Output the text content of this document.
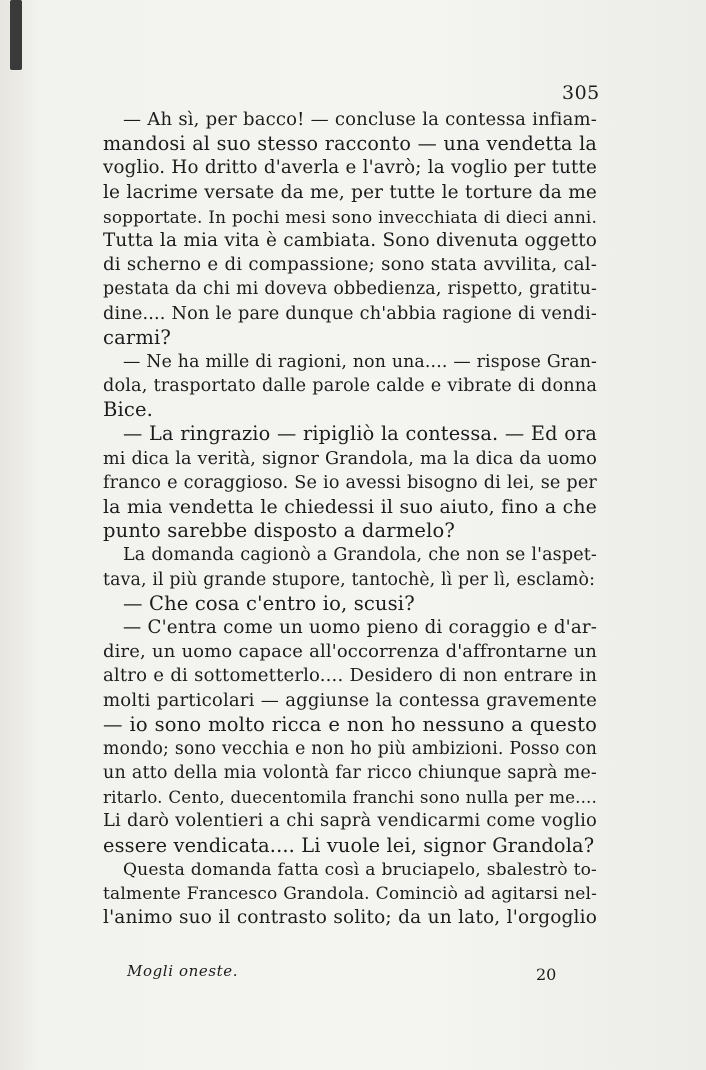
305
— Ah sì, per bacco! — concluse la contessa infiam-
mandosi al suo stesso racconto — una vendetta la
voglio. Ho dritto d'averla e l'avrò; la voglio per tutte
le lacrime versate da me, per tutte le torture da me
sopportate. In pochi mesi sono invecchiata di dieci anni.
Tutta la mia vita è cambiata. Sono divenuta oggetto
di scherno e di compassione; sono stata avvilita, cal-
pestata da chi mi doveva obbedienza, rispetto, gratitu-
dine.... Non le pare dunque ch'abbia ragione di vendi-
carmi?
— Ne ha mille di ragioni, non una.... — rispose Gran-
dola, trasportato dalle parole calde e vibrate di donna
Bice.
— La ringrazio — ripigliò la contessa. — Ed ora
mi dica la verità, signor Grandola, ma la dica da uomo
franco e coraggioso. Se io avessi bisogno di lei, se per
la mia vendetta le chiedessi il suo aiuto, fino a che
punto sarebbe disposto a darmelo?
La domanda cagionò a Grandola, che non se l'aspet-
tava, il più grande stupore, tantochè, lì per lì, esclamò:
— Che cosa c'entro io, scusi?
— C'entra come un uomo pieno di coraggio e d'ar-
dire, un uomo capace all'occorrenza d'affrontarne un
altro e di sottometterlo.... Desidero di non entrare in
molti particolari — aggiunse la contessa gravemente
— io sono molto ricca e non ho nessuno a questo
mondo; sono vecchia e non ho più ambizioni. Posso con
un atto della mia volontà far ricco chiunque saprà me-
ritarlo. Cento, duecentomila franchi sono nulla per me....
Li darò volentieri a chi saprà vendicarmi come voglio
essere vendicata.... Li vuole lei, signor Grandola?
Questa domanda fatta così a bruciapelo, sbalestrò to-
talmente Francesco Grandola. Cominciò ad agitarsi nel-
l'animo suo il contrasto solito; da un lato, l'orgoglio
Mogli oneste.	20
